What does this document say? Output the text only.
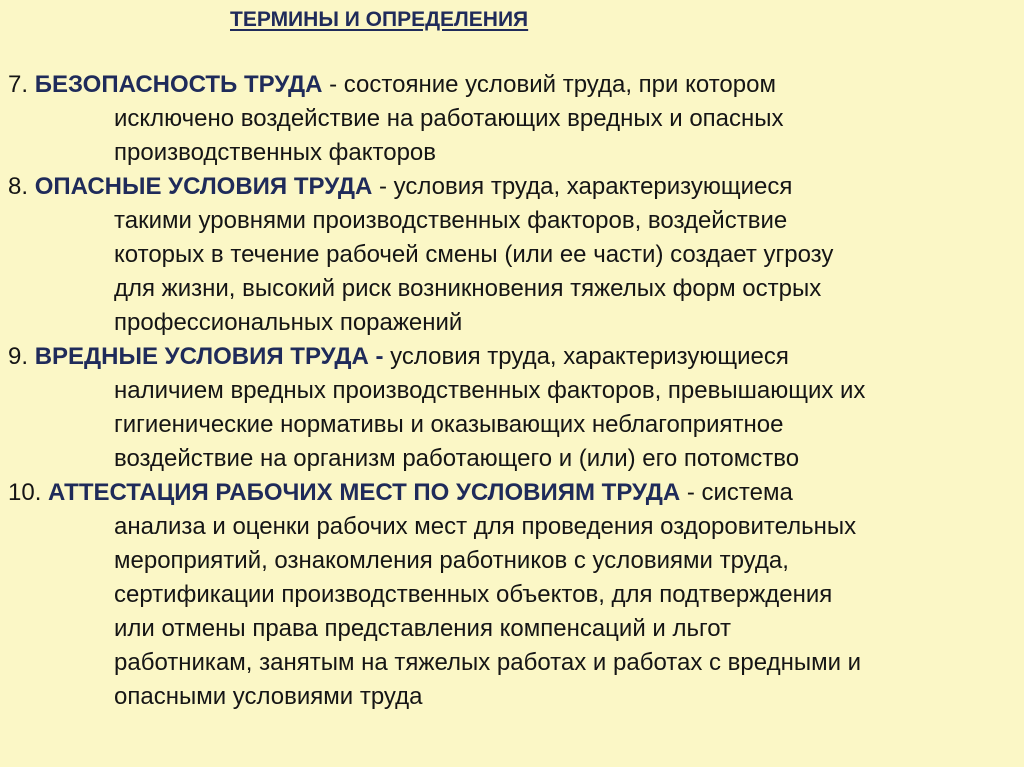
ТЕРМИНЫ И ОПРЕДЕЛЕНИЯ
7. БЕЗОПАСНОСТЬ ТРУДА - состояние условий труда, при котором
исключено воздействие на работающих вредных и опасных
производственных факторов
8. ОПАСНЫЕ УСЛОВИЯ ТРУДА - условия труда, характеризующиеся
такими уровнями производственных факторов, воздействие
которых в течение рабочей смены (или ее части) создает угрозу
для жизни, высокий риск возникновения тяжелых форм острых
профессиональных поражений
9. ВРЕДНЫЕ УСЛОВИЯ ТРУДА - условия труда, характеризующиеся
наличием вредных производственных факторов, превышающих их
гигиенические нормативы и оказывающих неблагоприятное
воздействие на организм работающего и (или) его потомство
10. АТТЕСТАЦИЯ РАБОЧИХ МЕСТ ПО УСЛОВИЯМ ТРУДА - система
анализа и оценки рабочих мест для проведения оздоровительных
мероприятий, ознакомления работников с условиями труда,
сертификации производственных объектов, для подтверждения
или отмены права представления компенсаций и льгот
работникам, занятым на тяжелых работах и работах с вредными и
опасными условиями труда
